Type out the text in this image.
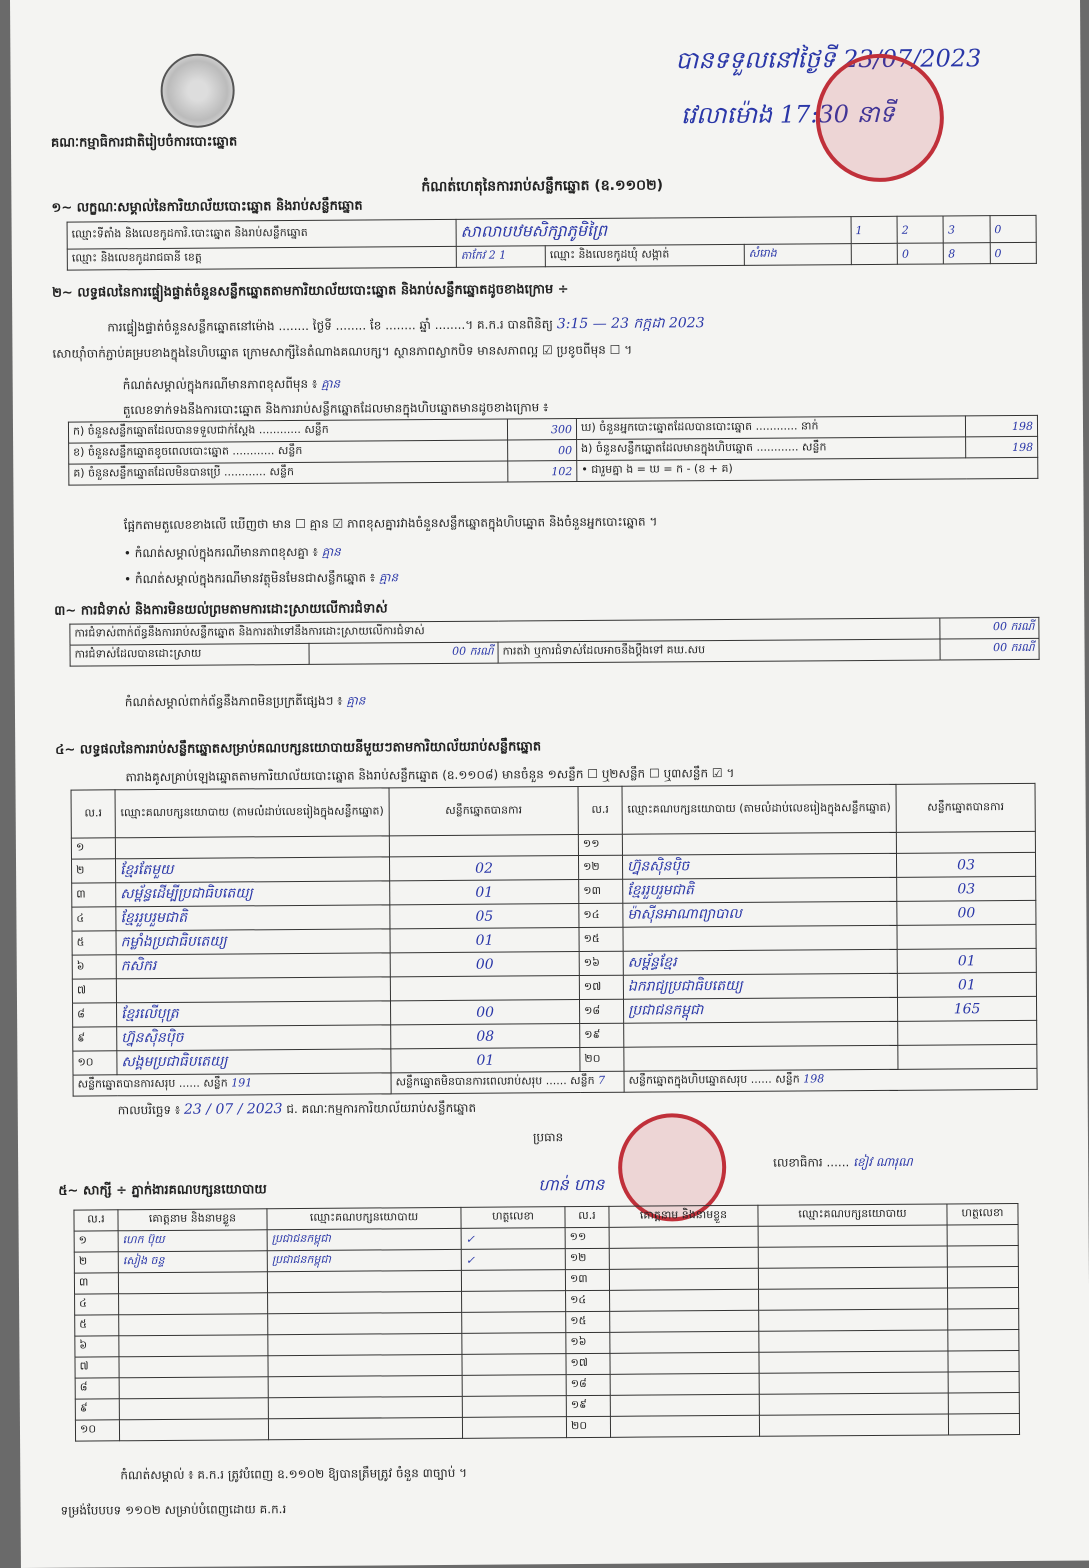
គណៈកម្មាធិការជាតិរៀបចំការបោះឆ្នោត
បានទទួលនៅថ្ងៃទី 23/07/2023
វេលាម៉ោង 17:30 នាទី
កំណត់ហេតុនៃការរាប់សន្លឹកឆ្នោត (ឧ.១១០២)
១~ លក្ខណៈសម្គាល់នៃការិយាល័យបោះឆ្នោត និងរាប់សន្លឹកឆ្នោត
ឈ្មោះទីតាំង និងលេខកូដការិ.បោះឆ្នោត និងរាប់សន្លឹកឆ្នោត	សាលាបឋមសិក្សាភូមិព្រៃ			1	2	3	0
ឈ្មោះ និងលេខកូដរាជធានី ខេត្ត	តាកែវ 2 1	ឈ្មោះ និងលេខកូដឃុំ សង្កាត់	សំរោង		0	8	0
២~ លទ្ធផលនៃការផ្ទៀងផ្ទាត់ចំនួនសន្លឹកឆ្នោតតាមការិយាល័យបោះឆ្នោត និងរាប់សន្លឹកឆ្នោតដូចខាងក្រោម ÷
ការផ្ទៀងផ្ទាត់ចំនួនសន្លឹកឆ្នោតនៅម៉ោង ........ ថ្ងៃទី ........ ខែ ........ ឆ្នាំ ........។ គ.ក.រ បានពិនិត្យ 3:15 — 23 កក្កដា 2023
សោយ៉ាំចាក់ភ្ជាប់គម្របខាងក្នុងនៃហិបឆ្នោត ក្រោមសាក្សីនៃតំណាងគណបក្ស។ ស្ថានភាពស្លាកបិទ មានសភាពល្អ ☑ ប្រខូចពីមុន ☐ ។
កំណត់សម្គាល់ក្នុងករណីមានភាពខុសពីមុន ៖ គ្មាន
តួលេខទាក់ទងនឹងការបោះឆ្នោត និងការរាប់សន្លឹកឆ្នោតដែលមានក្នុងហិបឆ្នោតមានដូចខាងក្រោម ៖
ក) ចំនួនសន្លឹកឆ្នោតដែលបានទទួលជាក់ស្តែង ............ សន្លឹក	300	ឃ) ចំនួនអ្នកបោះឆ្នោតដែលបានបោះឆ្នោត ............ នាក់	198
ខ) ចំនួនសន្លឹកឆ្នោតខូចពេលបោះឆ្នោត ............ សន្លឹក	00	ង) ចំនួនសន្លឹកឆ្នោតដែលមានក្នុងហិបឆ្នោត ............ សន្លឹក	198
គ) ចំនួនសន្លឹកឆ្នោតដែលមិនបានប្រើ ............ សន្លឹក	102	• ជារួមគ្នា ង = ឃ = ក - (ខ + គ)	
ផ្អែកតាមតួលេខខាងលើ ឃើញថា មាន ☐ គ្មាន ☑ ភាពខុសគ្នារវាងចំនួនសន្លឹកឆ្នោតក្នុងហិបឆ្នោត និងចំនួនអ្នកបោះឆ្នោត ។
• កំណត់សម្គាល់ក្នុងករណីមានភាពខុសគ្នា ៖ គ្មាន
• កំណត់សម្គាល់ក្នុងករណីមានវត្ថុមិនមែនជាសន្លឹកឆ្នោត ៖ គ្មាន
៣~ ការជំទាស់ និងការមិនយល់ព្រមតាមការដោះស្រាយលើការជំទាស់
ការជំទាស់ពាក់ព័ន្ធនឹងការរាប់សន្លឹកឆ្នោត និងការតវ៉ាទៅនឹងការដោះស្រាយលើការជំទាស់			00 ករណី
ការជំទាស់ដែលបានដោះស្រាយ	00 ករណី	ការតវ៉ា ឬការជំទាស់ដែលអាចនឹងប្ដឹងទៅ គឃ.សប	00 ករណី
កំណត់សម្គាល់ពាក់ព័ន្ធនឹងភាពមិនប្រក្រតីផ្សេងៗ ៖ គ្មាន
៤~ លទ្ធផលនៃការរាប់សន្លឹកឆ្នោតសម្រាប់គណបក្សនយោបាយនីមួយៗតាមការិយាល័យរាប់សន្លឹកឆ្នោត
តារាងគូសគ្រាប់ឡេងឆ្នោតតាមការិយាល័យបោះឆ្នោត និងរាប់សន្លឹកឆ្នោត (ឧ.១១០៨) មានចំនួន ១សន្លឹក ☐ ឬ២សន្លឹក ☐ ឬ៣សន្លឹក ☑ ។
ល.រ	ឈ្មោះគណបក្សនយោបាយ (តាមលំដាប់លេខរៀងក្នុងសន្លឹកឆ្នោត)	សន្លឹកឆ្នោតបានការ	ល.រ	ឈ្មោះគណបក្សនយោបាយ (តាមលំដាប់លេខរៀងក្នុងសន្លឹកឆ្នោត)	សន្លឹកឆ្នោតបានការ
១			១១		
២	ខ្មែរតែមួយ	02	១២	ហ្វ៊ុនស៊ិនប៉ិច	03
៣	សម្ព័ន្ធដើម្បីប្រជាធិបតេយ្យ	01	១៣	ខ្មែររួបរួមជាតិ	03
៤	ខ្មែររួបរួមជាតិ	05	១៤	ម៉ាស៊ីនអាណាព្យាបាល	00
៥	កម្លាំងប្រជាធិបតេយ្យ	01	១៥		
៦	កសិករ	00	១៦	សម្ព័ន្ធខ្មែរ	01
៧			១៧	ឯករាជ្យប្រជាធិបតេយ្យ	01
៨	ខ្មែរលើបុត្រ	00	១៨	ប្រជាជនកម្ពុជា	165
៩	ហ្វ៊ុនស៊ិនប៉ិច	08	១៩		
១០	សង្គមប្រជាធិបតេយ្យ	01	២០		
សន្លឹកឆ្នោតបានការសរុប ...... សន្លឹក 191		សន្លឹកឆ្នោតមិនបានការពេលរាប់សរុប ...... សន្លឹក 7		សន្លឹកឆ្នោតក្នុងហិបឆ្នោតសរុប ...... សន្លឹក 198	
កាលបរិច្ឆេទ ៖ 23 / 07 / 2023 ជ. គណៈកម្មការការិយាល័យរាប់សន្លឹកឆ្នោត
ប្រធាន
ហាន់ ហាន
លេខាធិការ ...... ខៀវ ណារុណ
៥~ សាក្សី ÷ ភ្នាក់ងារគណបក្សនយោបាយ
ល.រ	គោត្តនាម និងនាមខ្លួន	ឈ្មោះគណបក្សនយោបាយ	ហត្ថលេខា	ល.រ	គោត្តនាម និងនាមខ្លួន	ឈ្មោះគណបក្សនយោបាយ	ហត្ថលេខា
១	ហេក ប៊ុយ	ប្រជាជនកម្ពុជា	✓	១១			
២	សៀង ចន្ទ	ប្រជាជនកម្ពុជា	✓	១២			
៣				១៣			
៤				១៤			
៥				១៥			
៦				១៦			
៧				១៧			
៨				១៨			
៩				១៩			
១០				២០			
កំណត់សម្គាល់ ៖ គ.ក.រ ត្រូវបំពេញ ឧ.១១០២ ឱ្យបានត្រឹមត្រូវ ចំនួន ៣ច្បាប់ ។
ទម្រង់បែបបទ ១១០២ សម្រាប់បំពេញដោយ គ.ក.រ
